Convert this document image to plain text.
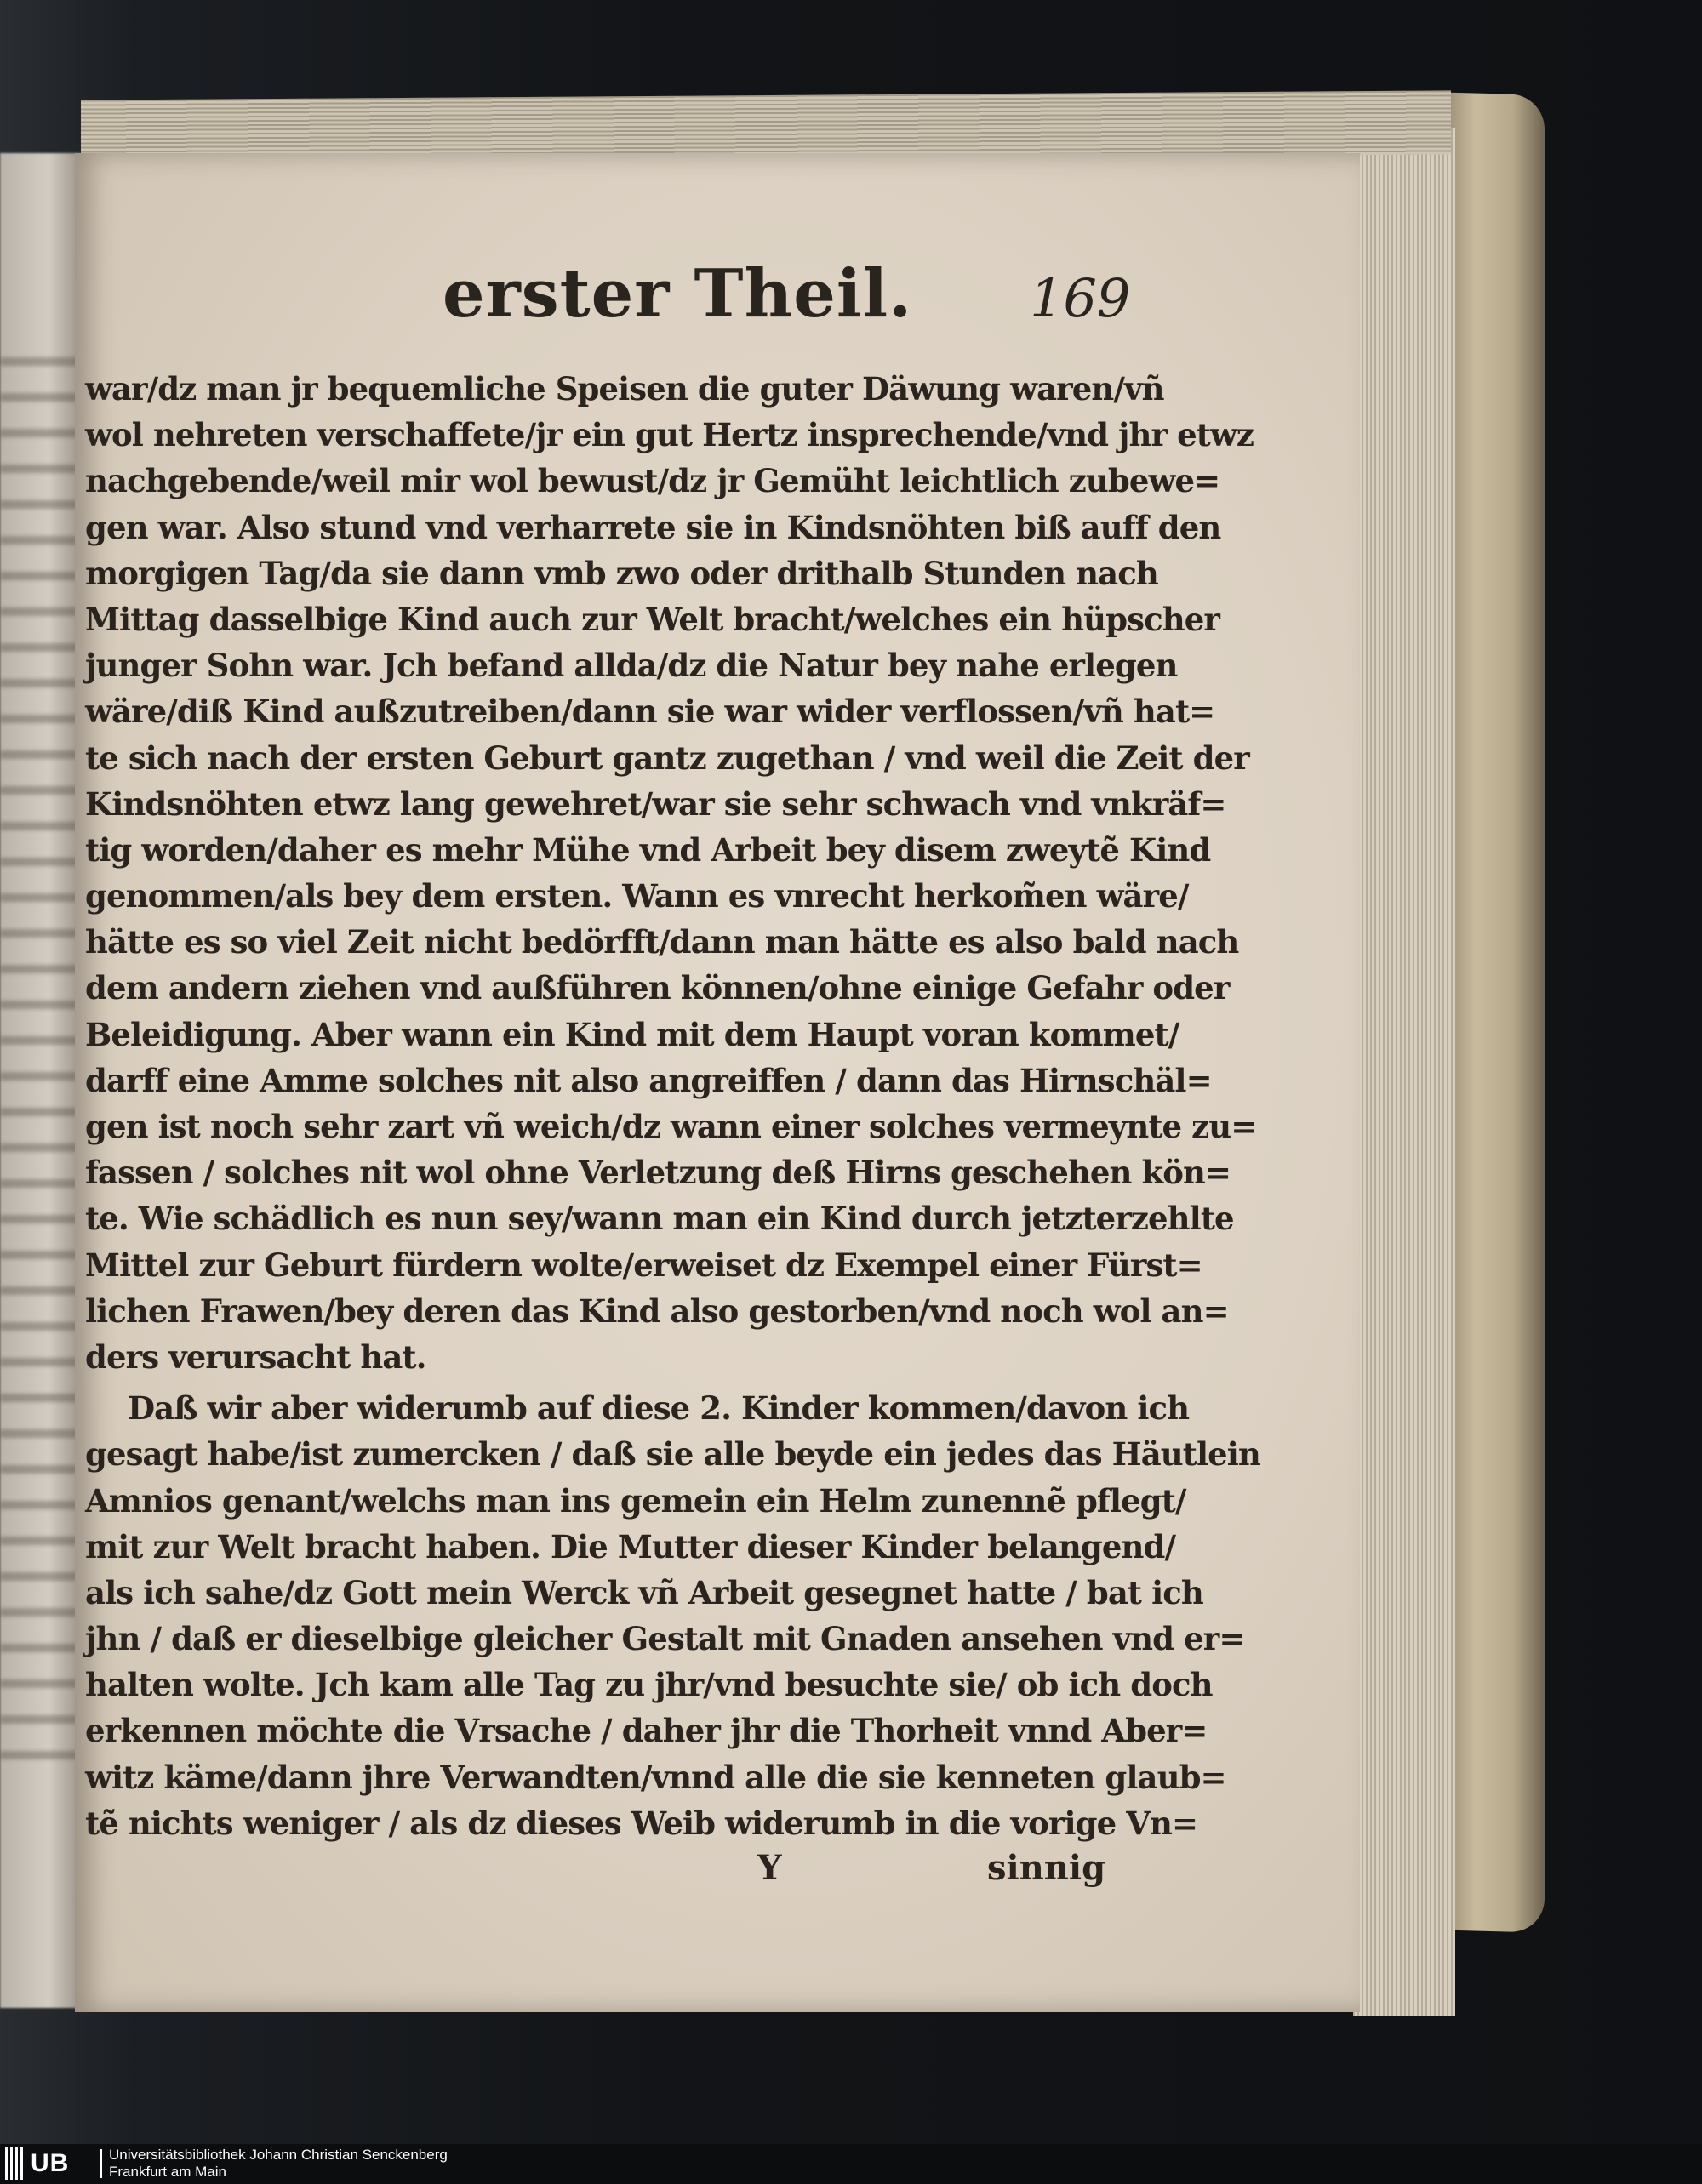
erster Theil. 169
war/dz man jr bequemliche Speisen die guter Däwung waren/vñ
wol nehreten verschaffete/jr ein gut Hertz insprechende/vnd jhr etwz
nachgebende/weil mir wol bewust/dz jr Gemüht leichtlich zubewe=
gen war. Also stund vnd verharrete sie in Kindsnöhten biß auff den
morgigen Tag/da sie dann vmb zwo oder drithalb Stunden nach
Mittag dasselbige Kind auch zur Welt bracht/welches ein hüpscher
junger Sohn war. Jch befand allda/dz die Natur bey nahe erlegen
wäre/diß Kind außzutreiben/dann sie war wider verflossen/vñ hat=
te sich nach der ersten Geburt gantz zugethan / vnd weil die Zeit der
Kindsnöhten etwz lang gewehret/war sie sehr schwach vnd vnkräf=
tig worden/daher es mehr Mühe vnd Arbeit bey disem zweytẽ Kind
genommen/als bey dem ersten. Wann es vnrecht herkom̃en wäre/
hätte es so viel Zeit nicht bedörfft/dann man hätte es also bald nach
dem andern ziehen vnd außführen können/ohne einige Gefahr oder
Beleidigung. Aber wann ein Kind mit dem Haupt voran kommet/
darff eine Amme solches nit also angreiffen / dann das Hirnschäl=
gen ist noch sehr zart vñ weich/dz wann einer solches vermeynte zu=
fassen / solches nit wol ohne Verletzung deß Hirns geschehen kön=
te. Wie schädlich es nun sey/wann man ein Kind durch jetzterzehlte
Mittel zur Geburt fürdern wolte/erweiset dz Exempel einer Fürst=
lichen Frawen/bey deren das Kind also gestorben/vnd noch wol an=
ders verursacht hat.
Daß wir aber widerumb auf diese 2. Kinder kommen/davon ich
gesagt habe/ist zumercken / daß sie alle beyde ein jedes das Häutlein
Amnios genant/welchs man ins gemein ein Helm zunennẽ pflegt/
mit zur Welt bracht haben. Die Mutter dieser Kinder belangend/
als ich sahe/dz Gott mein Werck vñ Arbeit gesegnet hatte / bat ich
jhn / daß er dieselbige gleicher Gestalt mit Gnaden ansehen vnd er=
halten wolte. Jch kam alle Tag zu jhr/vnd besuchte sie/ ob ich doch
erkennen möchte die Vrsache / daher jhr die Thorheit vnnd Aber=
witz käme/dann jhre Verwandten/vnnd alle die sie kenneten glaub=
tẽ nichts weniger / als dz dieses Weib widerumb in die vorige Vn=
Y	sinnig
UB	Universitätsbibliothek Johann Christian Senckenberg
Frankfurt am Main
